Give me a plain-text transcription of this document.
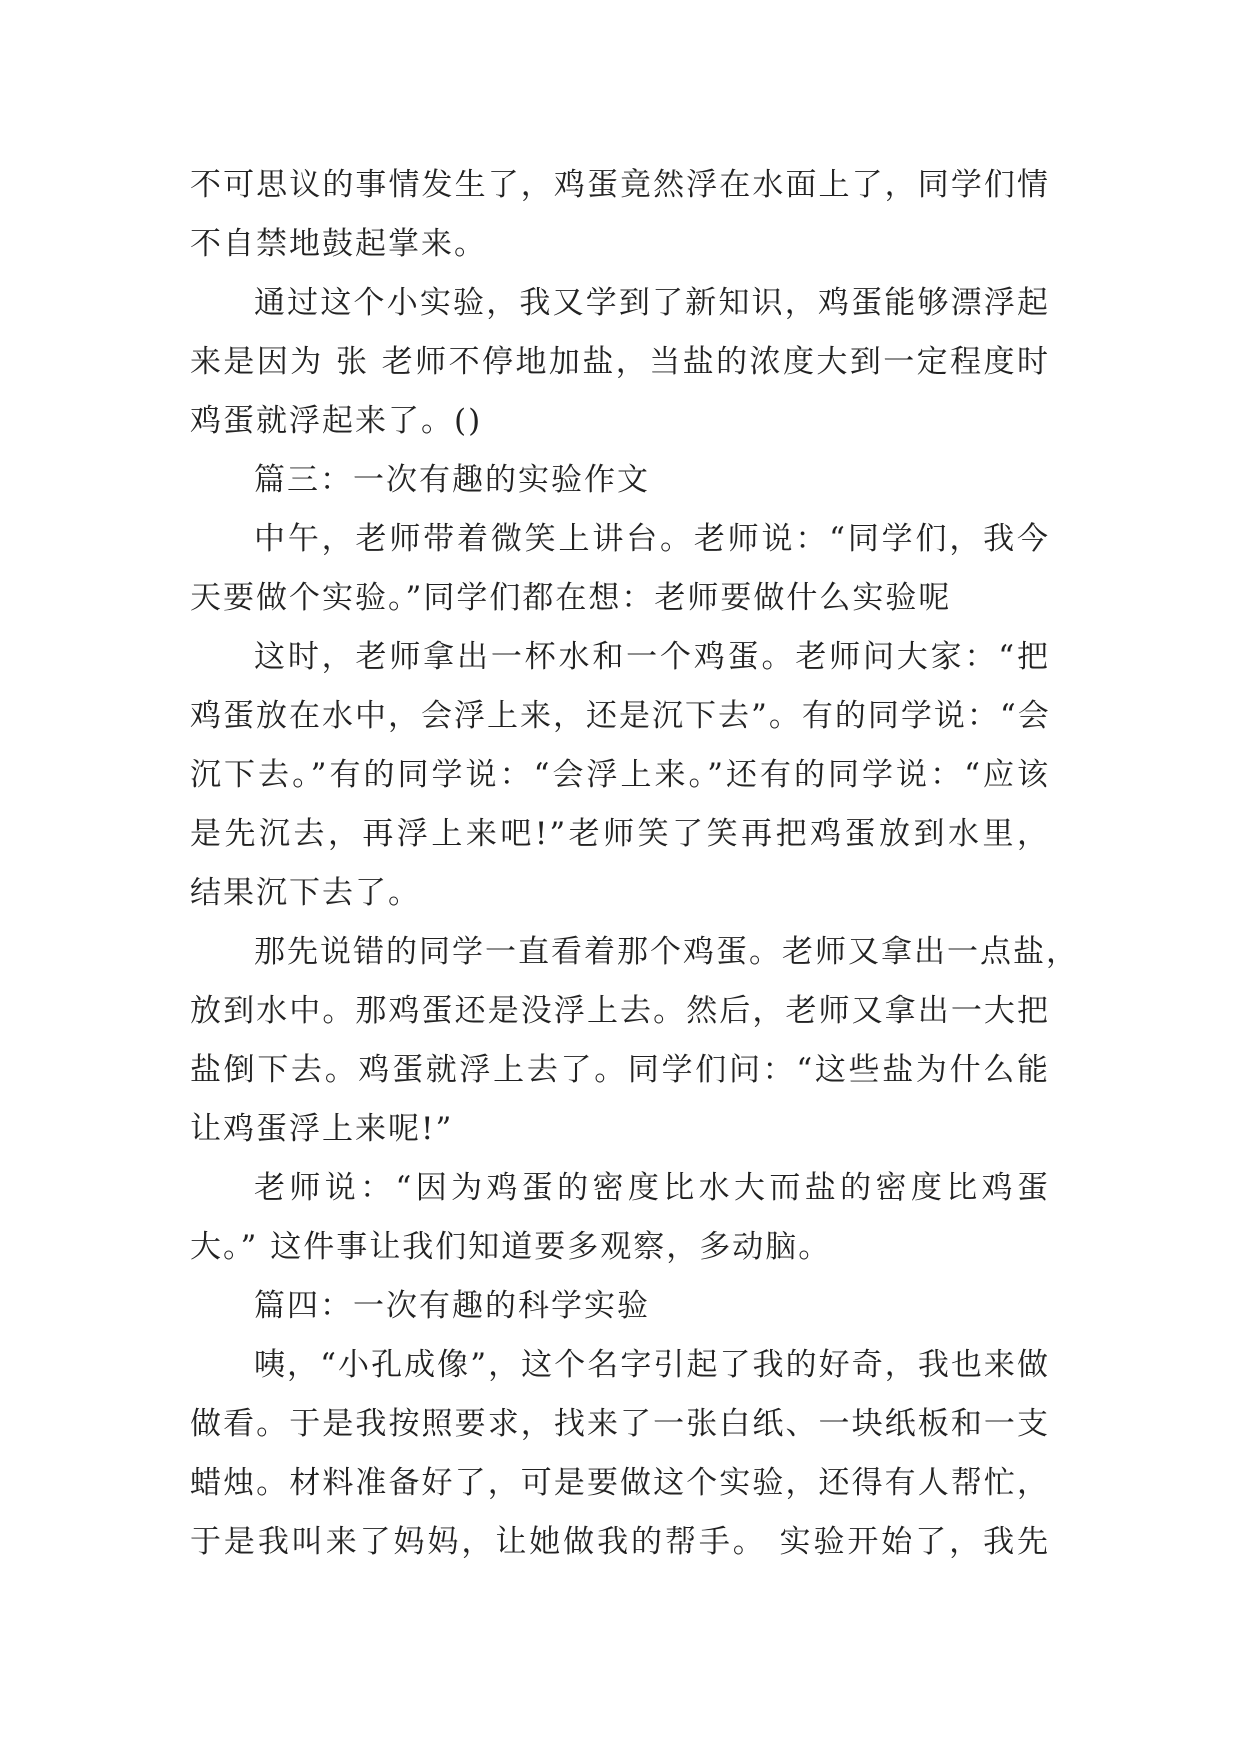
不可思议的事情发生了，鸡蛋竟然浮在水面上了，同学们情
不自禁地鼓起掌来。
通过这个小实验，我又学到了新知识，鸡蛋能够漂浮起
来是因为 张 老师不停地加盐，当盐的浓度大到一定程度时
鸡蛋就浮起来了。()
篇三：一次有趣的实验作文
中午，老师带着微笑上讲台。老师说：“同学们，我今
天要做个实验。”同学们都在想：老师要做什么实验呢
这时，老师拿出一杯水和一个鸡蛋。老师问大家：“把
鸡蛋放在水中，会浮上来，还是沉下去”。有的同学说：“会
沉下去。”有的同学说：“会浮上来。”还有的同学说：“应该
是先沉去，再浮上来吧!”老师笑了笑再把鸡蛋放到水里，
结果沉下去了。
那先说错的同学一直看着那个鸡蛋。老师又拿出一点盐，
放到水中。那鸡蛋还是没浮上去。然后，老师又拿出一大把
盐倒下去。鸡蛋就浮上去了。同学们问：“这些盐为什么能
让鸡蛋浮上来呢!”
老师说：“因为鸡蛋的密度比水大而盐的密度比鸡蛋
大。” 这件事让我们知道要多观察，多动脑。
篇四：一次有趣的科学实验
咦，“小孔成像”，这个名字引起了我的好奇，我也来做
做看。于是我按照要求，找来了一张白纸、一块纸板和一支
蜡烛。材料准备好了，可是要做这个实验，还得有人帮忙，
于是我叫来了妈妈，让她做我的帮手。 实验开始了，我先
